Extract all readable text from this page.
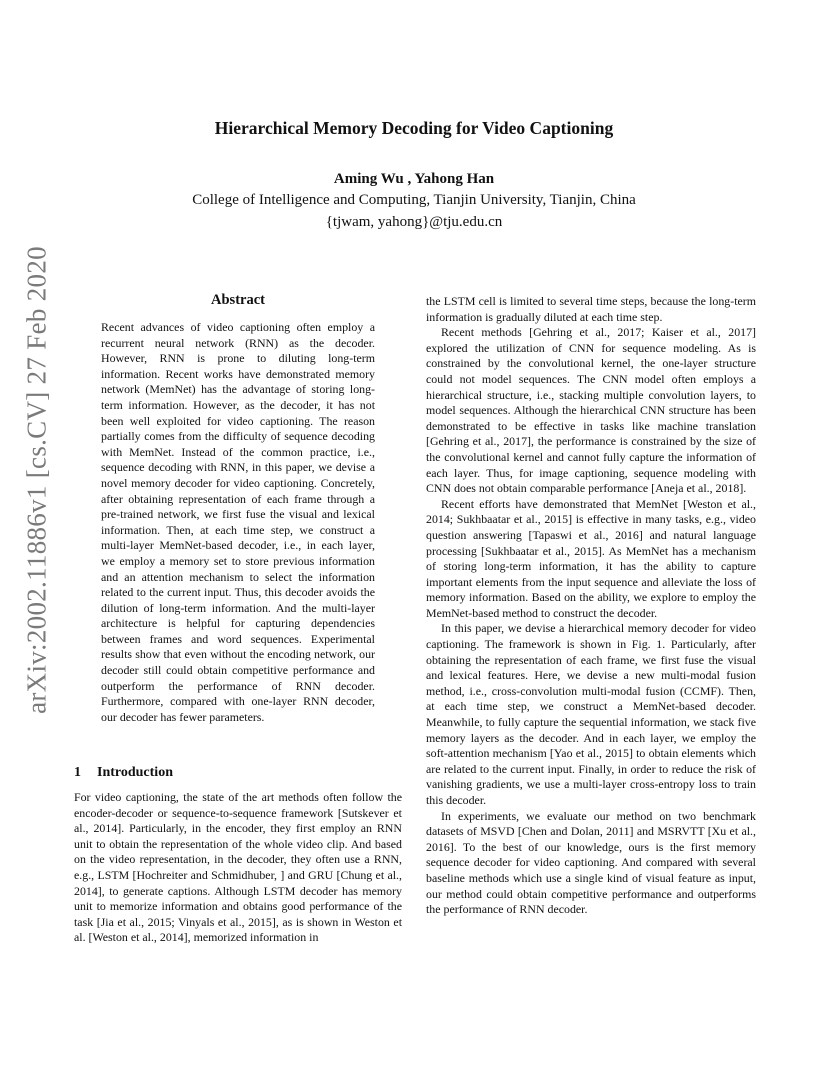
Hierarchical Memory Decoding for Video Captioning
Aming Wu , Yahong Han
College of Intelligence and Computing, Tianjin University, Tianjin, China
{tjwam, yahong}@tju.edu.cn
arXiv:2002.11886v1 [cs.CV] 27 Feb 2020	Abstract

Recent advances of video captioning often employ a recurrent neural network (RNN) as the decoder. However, RNN is prone to diluting long-term information. Recent works have demonstrated memory network (MemNet) has the advantage of storing long-term information. However, as the decoder, it has not been well exploited for video captioning. The reason partially comes from the difficulty of sequence decoding with MemNet. Instead of the common practice, i.e., sequence decoding with RNN, in this paper, we devise a novel memory decoder for video captioning. Concretely, after obtaining representation of each frame through a pre-trained network, we first fuse the visual and lexical information. Then, at each time step, we construct a multi-layer MemNet-based decoder, i.e., in each layer, we employ a memory set to store previous information and an attention mechanism to select the information related to the current input. Thus, this decoder avoids the dilution of long-term information. And the multi-layer architecture is helpful for capturing dependencies between frames and word sequences. Experimental results show that even without the encoding network, our decoder still could obtain competitive performance and outperform the performance of RNN decoder. Furthermore, compared with one-layer RNN decoder, our decoder has fewer parameters.

1 Introduction

For video captioning, the state of the art methods often follow the encoder-decoder or sequence-to-sequence framework [Sutskever et al., 2014]. Particularly, in the encoder, they first employ an RNN unit to obtain the representation of the whole video clip. And based on the video representation, in the decoder, they often use a RNN, e.g., LSTM [Hochreiter and Schmidhuber, ] and GRU [Chung et al., 2014], to generate captions. Although LSTM decoder has memory unit to memorize information and obtains good performance of the task [Jia et al., 2015; Vinyals et al., 2015], as is shown in Weston et al. [Weston et al., 2014], memorized information in

the LSTM cell is limited to several time steps, because the long-term information is gradually diluted at each time step.

Recent methods [Gehring et al., 2017; Kaiser et al., 2017] explored the utilization of CNN for sequence modeling. As is constrained by the convolutional kernel, the one-layer structure could not model sequences. The CNN model often employs a hierarchical structure, i.e., stacking multiple convolution layers, to model sequences. Although the hierarchical CNN structure has been demonstrated to be effective in tasks like machine translation [Gehring et al., 2017], the performance is constrained by the size of the convolutional kernel and cannot fully capture the information of each layer. Thus, for image captioning, sequence modeling with CNN does not obtain comparable performance [Aneja et al., 2018].

Recent efforts have demonstrated that MemNet [Weston et al., 2014; Sukhbaatar et al., 2015] is effective in many tasks, e.g., video question answering [Tapaswi et al., 2016] and natural language processing [Sukhbaatar et al., 2015]. As MemNet has a mechanism of storing long-term information, it has the ability to capture important elements from the input sequence and alleviate the loss of memory information. Based on the ability, we explore to employ the MemNet-based method to construct the decoder.

In this paper, we devise a hierarchical memory decoder for video captioning. The framework is shown in Fig. 1. Particularly, after obtaining the representation of each frame, we first fuse the visual and lexical features. Here, we devise a new multi-modal fusion method, i.e., cross-convolution multi-modal fusion (CCMF). Then, at each time step, we construct a MemNet-based decoder. Meanwhile, to fully capture the sequential information, we stack five memory layers as the decoder. And in each layer, we employ the soft-attention mechanism [Yao et al., 2015] to obtain elements which are related to the current input. Finally, in order to reduce the risk of vanishing gradients, we use a multi-layer cross-entropy loss to train this decoder.

In experiments, we evaluate our method on two benchmark datasets of MSVD [Chen and Dolan, 2011] and MSRVTT [Xu et al., 2016]. To the best of our knowledge, ours is the first memory sequence decoder for video captioning. And compared with several baseline methods which use a single kind of visual feature as input, our method could obtain competitive performance and outperforms the performance of RNN decoder.
